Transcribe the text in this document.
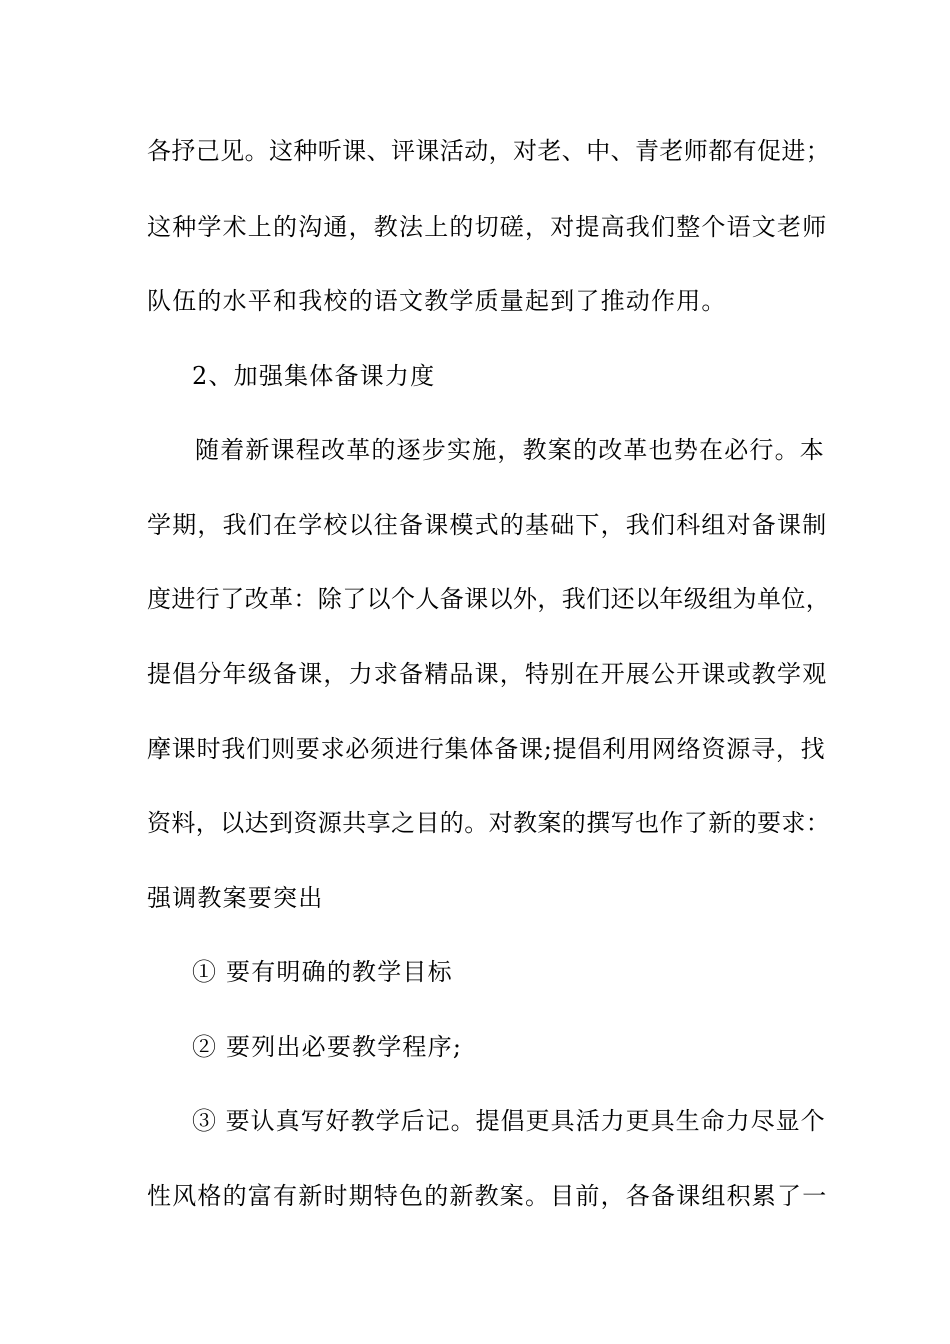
各抒己见。这种听课、评课活动，对老、中、青老师都有促进；
这种学术上的沟通，教法上的切磋，对提高我们整个语文老师
队伍的水平和我校的语文教学质量起到了推动作用。
2、加强集体备课力度
随着新课程改革的逐步实施，教案的改革也势在必行。本
学期，我们在学校以往备课模式的基础下，我们科组对备课制
度进行了改革：除了以个人备课以外，我们还以年级组为单位，
提倡分年级备课，力求备精品课，特别在开展公开课或教学观
摩课时我们则要求必须进行集体备课;提倡利用网络资源寻，找
资料，以达到资源共享之目的。对教案的撰写也作了新的要求：
强调教案要突出
① 要有明确的教学目标
② 要列出必要教学程序;
③ 要认真写好教学后记。提倡更具活力更具生命力尽显个
性风格的富有新时期特色的新教案。目前，各备课组积累了一
